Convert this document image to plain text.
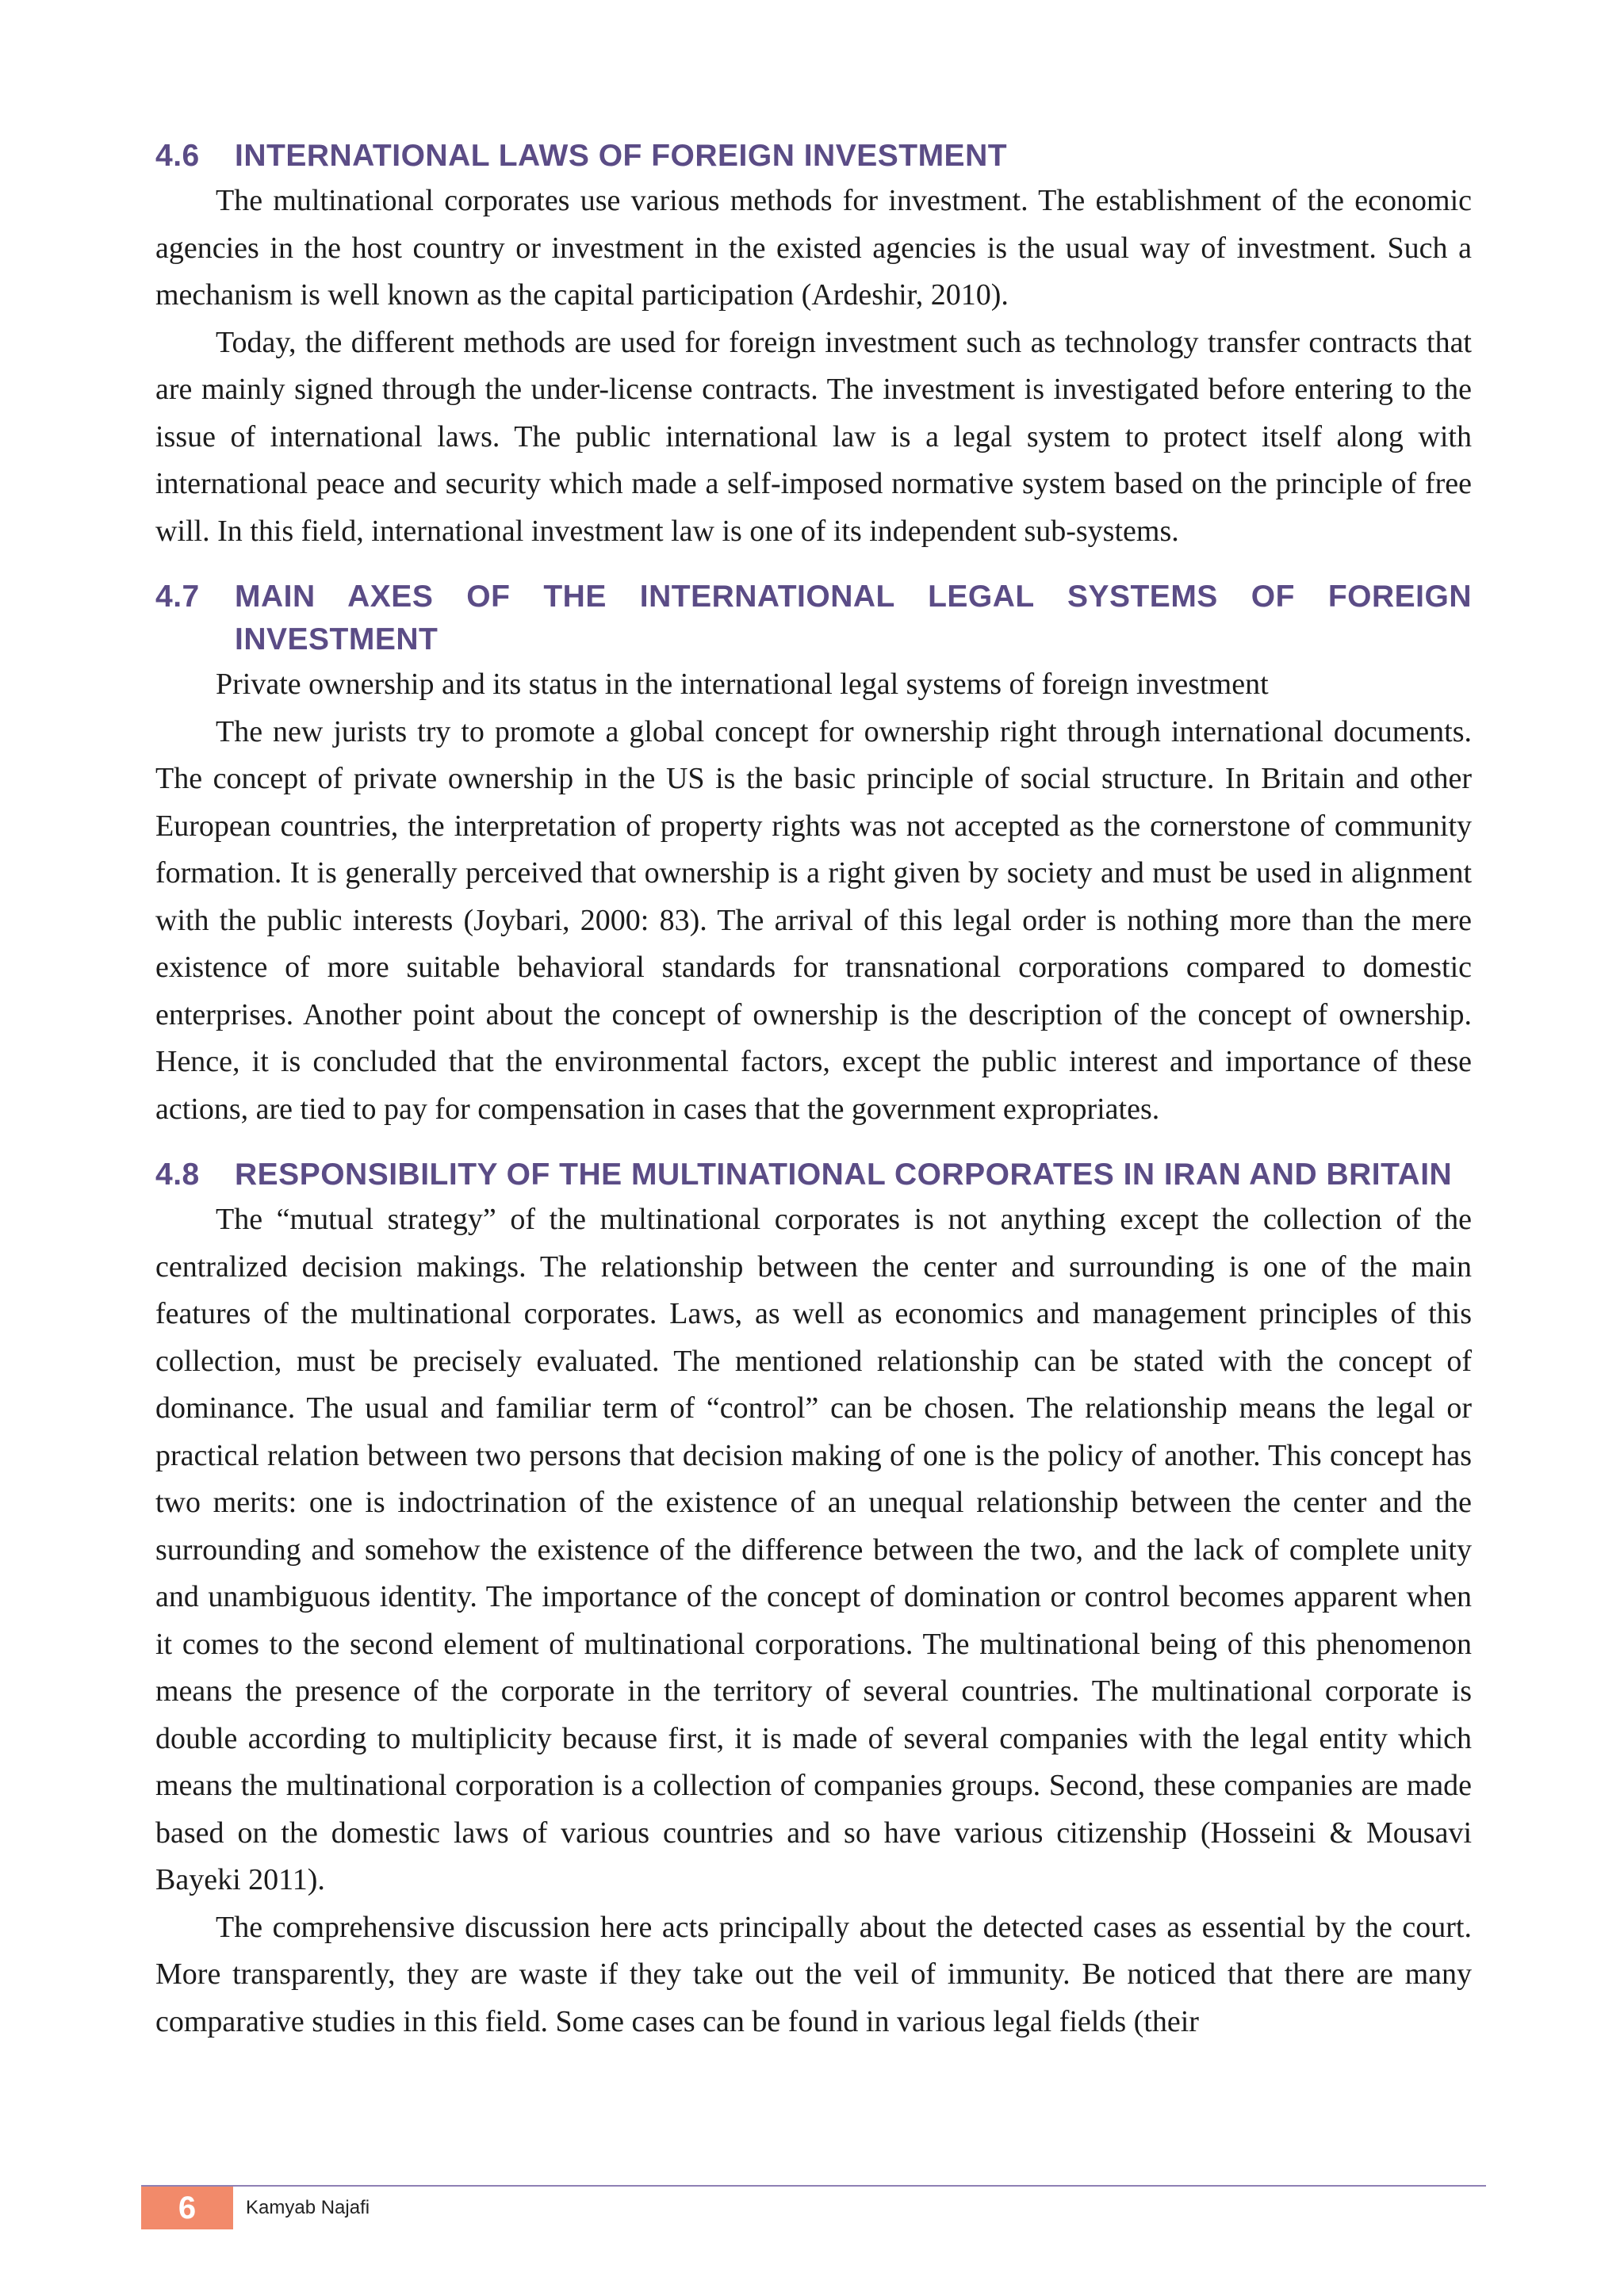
4.6	INTERNATIONAL LAWS OF FOREIGN INVESTMENT

The multinational corporates use various methods for investment. The establishment of the economic agencies in the host country or investment in the existed agencies is the usual way of investment. Such a mechanism is well known as the capital participation (Ardeshir, 2010).

Today, the different methods are used for foreign investment such as technology transfer contracts that are mainly signed through the under-license contracts. The investment is investigated before entering to the issue of international laws. The public international law is a legal system to protect itself along with international peace and security which made a self-imposed normative system based on the principle of free will. In this field, international investment law is one of its independent sub-systems.

4.7	MAIN AXES OF THE INTERNATIONAL LEGAL SYSTEMS OF FOREIGN INVESTMENT

Private ownership and its status in the international legal systems of foreign investment

The new jurists try to promote a global concept for ownership right through international documents. The concept of private ownership in the US is the basic principle of social structure. In Britain and other European countries, the interpretation of property rights was not accepted as the cornerstone of community formation. It is generally perceived that ownership is a right given by society and must be used in alignment with the public interests (Joybari, 2000: 83). The arrival of this legal order is nothing more than the mere existence of more suitable behavioral standards for transnational corporations compared to domestic enterprises. Another point about the concept of ownership is the description of the concept of ownership. Hence, it is concluded that the environmental factors, except the public interest and importance of these actions, are tied to pay for compensation in cases that the government expropriates.

4.8	RESPONSIBILITY OF THE MULTINATIONAL CORPORATES IN IRAN AND BRITAIN

The “mutual strategy” of the multinational corporates is not anything except the collection of the centralized decision makings. The relationship between the center and surrounding is one of the main features of the multinational corporates. Laws, as well as economics and management principles of this collection, must be precisely evaluated. The mentioned relationship can be stated with the concept of dominance. The usual and familiar term of “control” can be chosen. The relationship means the legal or practical relation between two persons that decision making of one is the policy of another. This concept has two merits: one is indoctrination of the existence of an unequal relationship between the center and the surrounding and somehow the existence of the difference between the two, and the lack of complete unity and unambiguous identity. The importance of the concept of domination or control becomes apparent when it comes to the second element of multinational corporations. The multinational being of this phenomenon means the presence of the corporate in the territory of several countries. The multinational corporate is double according to multiplicity because first, it is made of several companies with the legal entity which means the multinational corporation is a collection of companies groups. Second, these companies are made based on the domestic laws of various countries and so have various citizenship (Hosseini & Mousavi Bayeki 2011).

The comprehensive discussion here acts principally about the detected cases as essential by the court. More transparently, they are waste if they take out the veil of immunity. Be noticed that there are many comparative studies in this field. Some cases can be found in various legal fields (their

6	Kamyab Najafi
